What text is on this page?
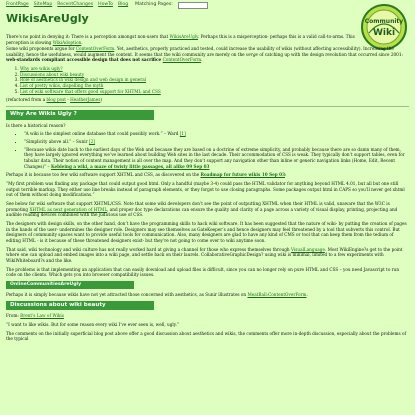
FrontPage SiteMap RecentChanges HowTo Blog Matching Pages:
WikisAreUgly	Community
Wiki

There's no point in denying it: There is a perception amongst non-users that WikisAreUgly. Perhaps this is a misperception- perhaps this is a valid call-to-arms. This perception is slowing WikiAdoption.

Some wiki proponents argue for ContentOverForm. Yet, aesthetics, properly practiced and tested, could increase the usability of wikis (without affecting accessibility). Increasing the usability, hence the usefulness, would augment the content. It seems that the wiki community are merely on the verge of catching up with the design revolution that occurred since 2001: web-standards compliant accessible design that does not sacrifice ContentOverForm.

1. Why are wikis ugly?
2. Discussions about wiki beauty
3. Role of aesthetics in wiki design and web design in general
4. List of pretty wikis, dispelling the myth
5. List of wiki software that offers good support for XHTML and CSS

(refactored from a blog post - HeatherJames)

Why Are Wikis Ugly ?

Is there a historical reason?

• “A wiki is the simplest online database that could possibly work.” – Ward [1]
• “Simplicity above all.” – Sunir [2]
• “Because wikis date back to the earliest days of the Web and because they are based on a doctrine of extreme simplicity, and probably because there are so damn many of them, they have largely ignored everything we’ve learned about building Web sites in the last decade. Their accommodation of CSS is weak. They typically don’t support tables, even for tabular data. Their notion of content management is all over the map. And they don’t support any navigation other than inline or generic navigation links (Home, Edit, Recent Changes)” – Kebleing a wiki, a maze of twisty little passages, all alike 09 Sep 03

Perhaps it is because too few wiki software support XHTML and CSS, as discovered on the Roadmap for future wikis 10 Sep 03:

“My first problem was finding any package that could output good html. Only a handful (maybe 3-4) could pass the HTML validator for anything beyond HTML 4.01, but all but one still output terrible markup. They either use line breaks instead of paragraph elements, or they forgot to use closing paragraphs. Some packages output html in CAPS so you’ll never get xhtml out of them without doing modifications.”

See below for wiki software that support XHTML/CSS. Note that some wiki developers don’t see the point of outputting XHTML when their HTML is valid, unaware that the W3C is promoting XHTML as next generation of HTML, and proper doc type declarations can ensure the quality and clarity of a page across a variety of visual display, printing, projecting and audible reading devices combined with the judicious use of CSS.

The designers with design skills, on the other hand, don’t have the programming skills to hack wiki software. It has been suggested that the nature of wiki- by putting the creation of pages in the hands of the user- undermines the designer role. Designers may see themselves as GateKeeper’s and hence designers may feel threatened by a tool that subverts this control. But designers of community spaces want to provide useful tools for communication. Also, many designers are glad to have any kind of CMS or tool that can keep them from the tedium of editing HTML - is it because of these threatened designers exist- but they’re not going to come over to wiki anytime soon.

That said, wiki technology and wiki culture has not really worked hard at giving a channel for those who express themselves through VisualLanguage. Most WikiEngine?s get to the point where one can upload and embed images into a wiki page, and settle back on their laurels. CollaborativeGraphicDesign? using wiki is minimal, limited to a few experiments with WikiWhiteboard?s and the like.

The problems is that implementing an application that can easily download and upload files is difficult, since you can no longer rely on pure HTML and CSS – you need Javascript to run code on the clients. Which gets you into browser compatibility issues.

OnlineCommunitiesAreUgly

Perhaps it is simply because wikis have not yet attracted those concerned with aesthetics, as Sunir illustrates on MeatBall:ContentOverForm.

Discussions about wiki beauty

From: Brent's Law of Wikis

“I want to like wikis. But for some reason every wiki I’ve ever seen is, well, ugly.”

The comments on the initially superficial blog post above offer a good discussion about aesthetics and wikis, the comments offer more in-depth discussion, especially about the problems of the typical
